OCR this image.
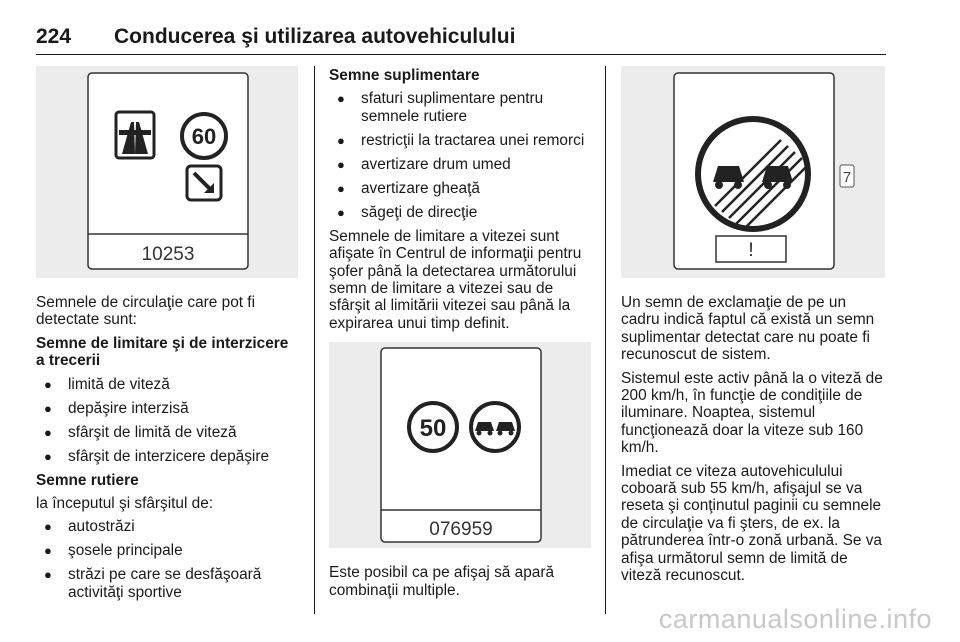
224 Conducerea şi utilizarea autovehiculului
60
10253

Semnele de circulaţie care pot fi detectate sunt:

Semne de limitare şi de interzicere a trecerii

● limită de viteză
● depăşire interzisă
● sfârşit de limită de viteză
● sfârşit de interzicere depăşire

Semne rutiere

la începutul şi sfârşitul de:

● autostrăzi
● şosele principale
● străzi pe care se desfăşoară activităţi sportive

Semne suplimentare

● sfaturi suplimentare pentru semnele rutiere
● restricţii la tractarea unei remorci
● avertizare drum umed
● avertizare gheaţă
● săgeţi de direcţie

Semnele de limitare a vitezei sunt afişate în Centrul de informaţii pentru şofer până la detectarea următorului semn de limitare a vitezei sau de sfârşit al limitării vitezei sau până la expirarea unui timp definit.

50
076959

Este posibil ca pe afişaj să apară combinaţii multiple.

!
7

Un semn de exclamaţie de pe un cadru indică faptul că există un semn suplimentar detectat care nu poate fi recunoscut de sistem.

Sistemul este activ până la o viteză de 200 km/h, în funcţie de condiţiile de iluminare. Noaptea, sistemul funcţionează doar la viteze sub 160 km/h.

Imediat ce viteza autovehiculului coboară sub 55 km/h, afişajul se va reseta şi conţinutul paginii cu semnele de circulaţie va fi şters, de ex. la pătrunderea într-o zonă urbană. Se va afişa următorul semn de limită de viteză recunoscut.

carmanualsonline.info
